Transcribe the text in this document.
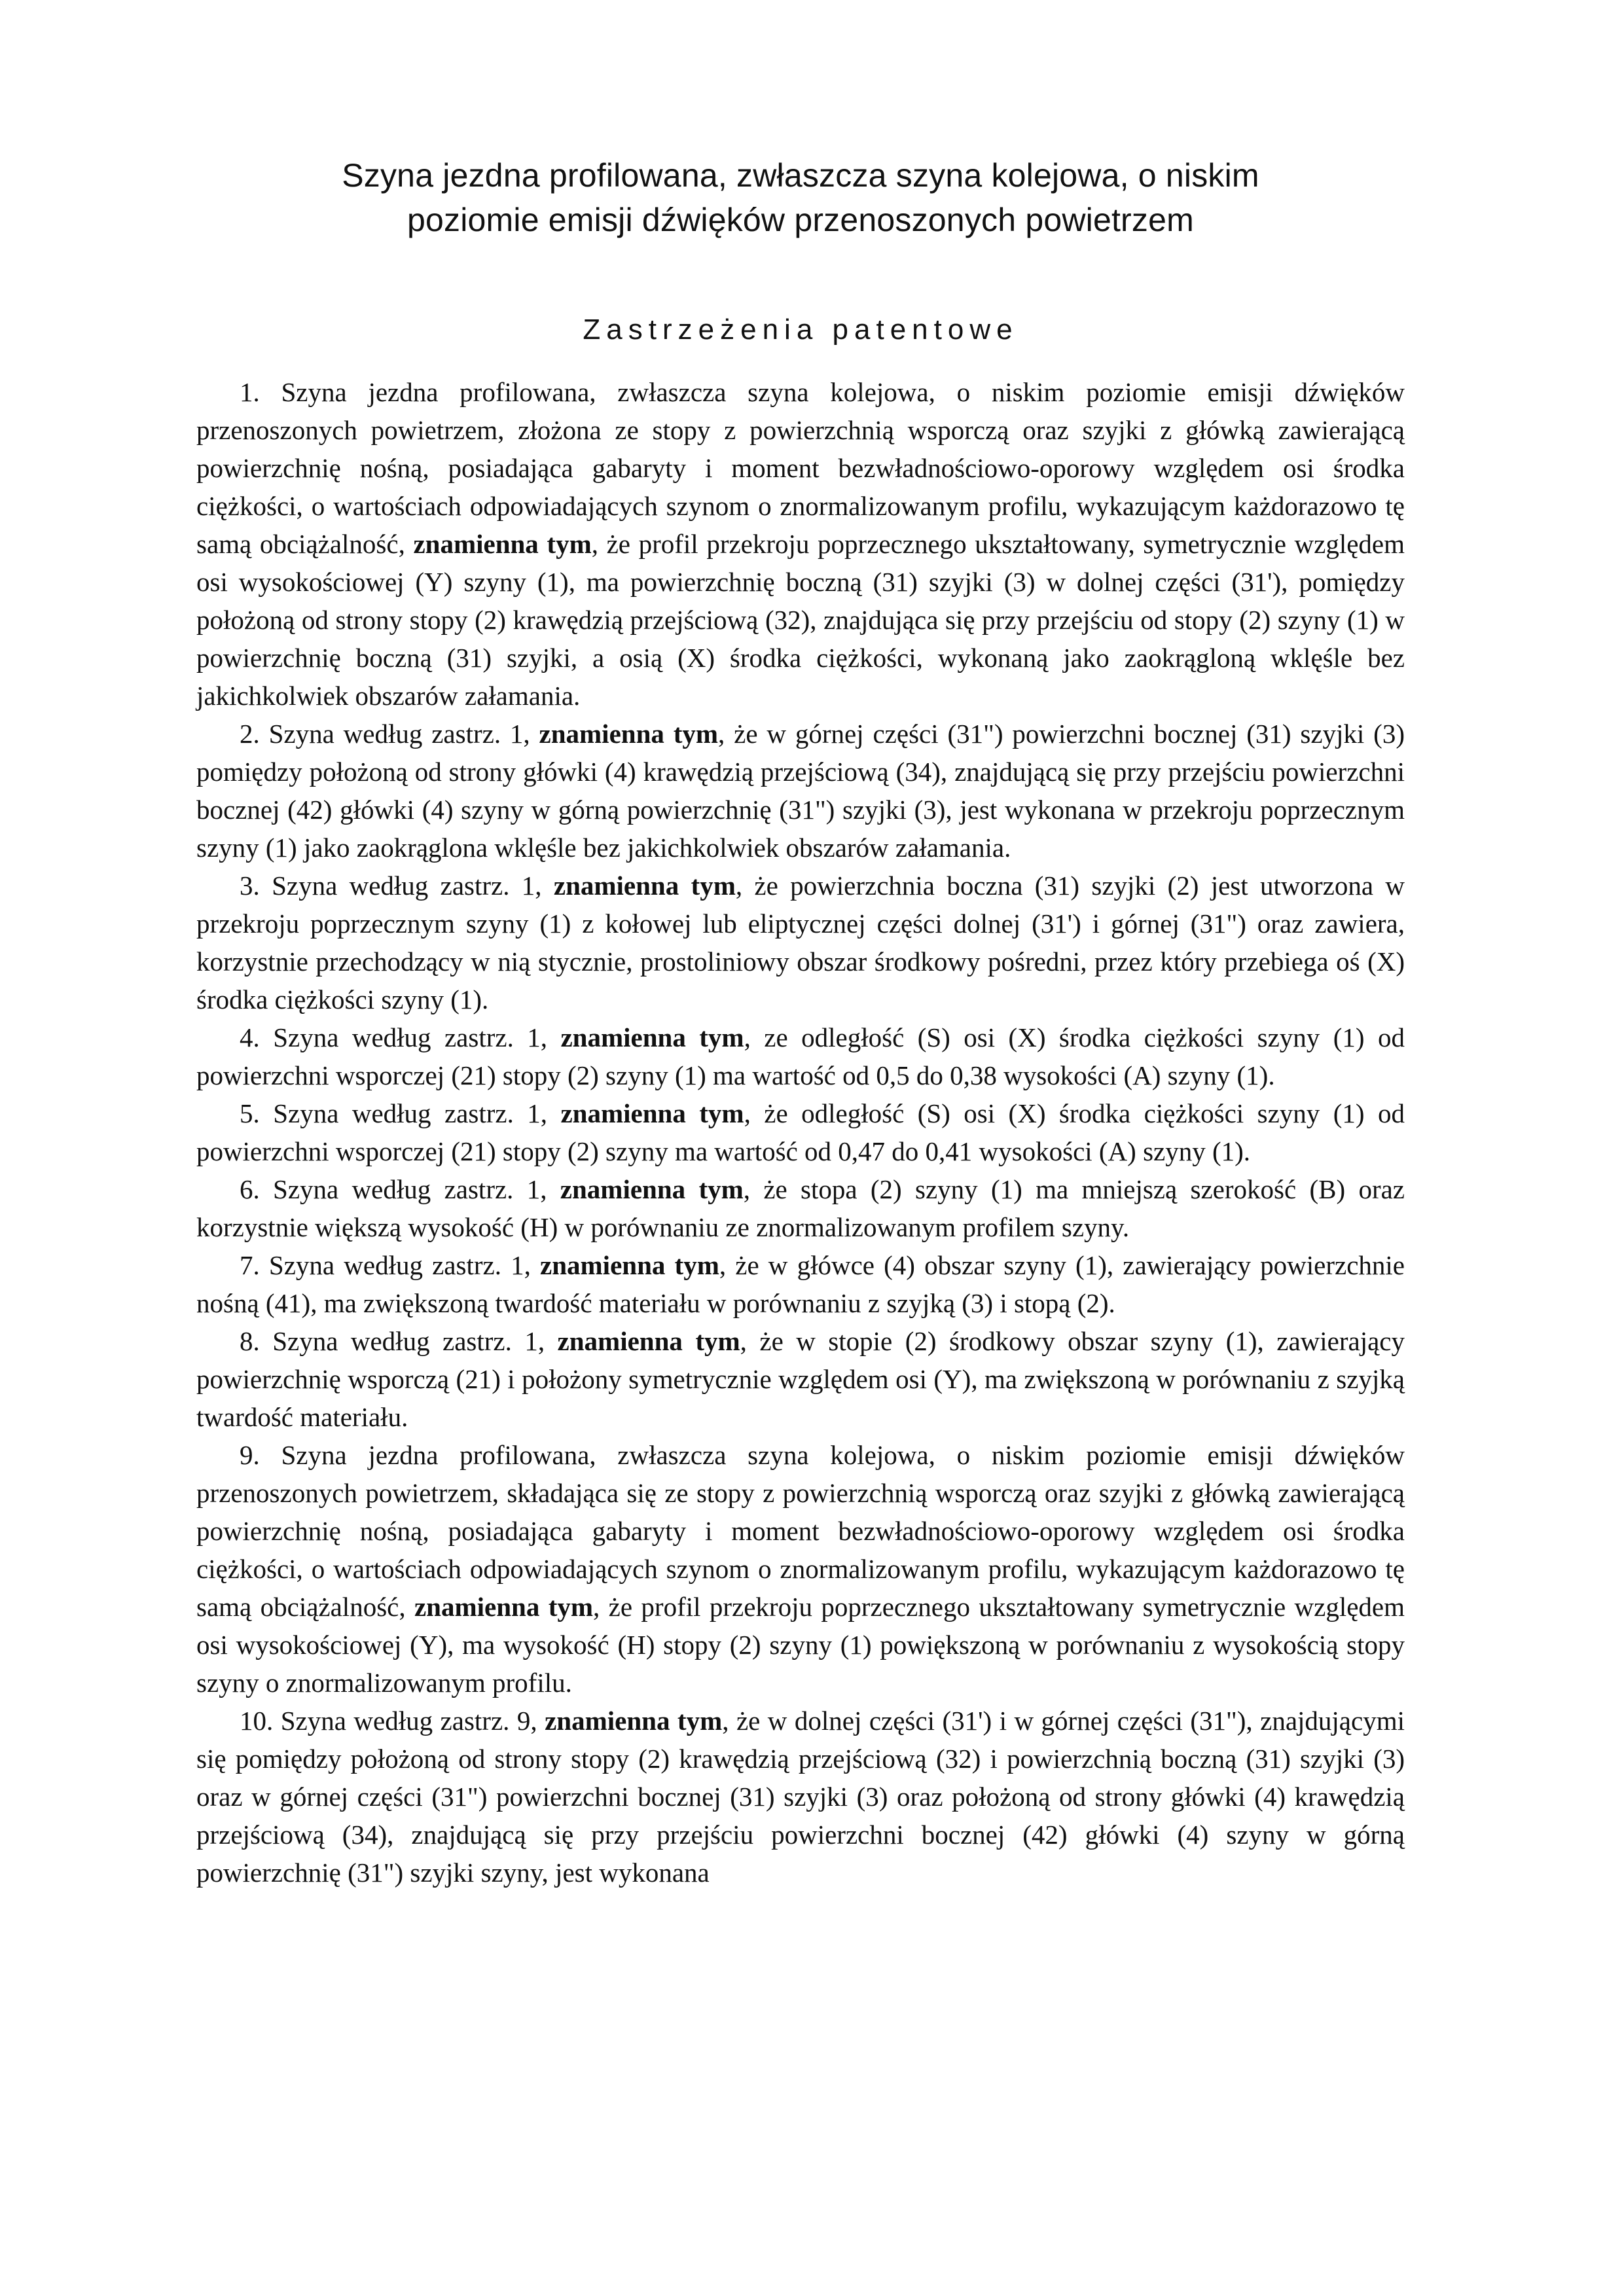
Szyna jezdna profilowana, zwłaszcza szyna kolejowa, o niskim
poziomie emisji dźwięków przenoszonych powietrzem
Zastrzeżenia patentowe

1. Szyna jezdna profilowana, zwłaszcza szyna kolejowa, o niskim poziomie emisji dźwięków przenoszonych powietrzem, złożona ze stopy z powierzchnią wsporczą oraz szyjki z główką zawierającą powierzchnię nośną, posiadająca gabaryty i moment bezwładnościowo-oporowy względem osi środka ciężkości, o wartościach odpowiadających szynom o znormalizowanym profilu, wykazującym każdorazowo tę samą obciążalność, znamienna tym, że profil przekroju poprzecznego ukształtowany, symetrycznie względem osi wysokościowej (Y) szyny (1), ma powierzchnię boczną (31) szyjki (3) w dolnej części (31'), pomiędzy położoną od strony stopy (2) krawędzią przejściową (32), znajdująca się przy przejściu od stopy (2) szyny (1) w powierzchnię boczną (31) szyjki, a osią (X) środka ciężkości, wykonaną jako zaokrągloną wklęśle bez jakichkolwiek obszarów załamania.

2. Szyna według zastrz. 1, znamienna tym, że w górnej części (31") powierzchni bocznej (31) szyjki (3) pomiędzy położoną od strony główki (4) krawędzią przejściową (34), znajdującą się przy przejściu powierzchni bocznej (42) główki (4) szyny w górną powierzchnię (31") szyjki (3), jest wykonana w przekroju poprzecznym szyny (1) jako zaokrąglona wklęśle bez jakichkolwiek obszarów załamania.

3. Szyna według zastrz. 1, znamienna tym, że powierzchnia boczna (31) szyjki (2) jest utworzona w przekroju poprzecznym szyny (1) z kołowej lub eliptycznej części dolnej (31') i górnej (31") oraz zawiera, korzystnie przechodzący w nią stycznie, prostoliniowy obszar środkowy pośredni, przez który przebiega oś (X) środka ciężkości szyny (1).

4. Szyna według zastrz. 1, znamienna tym, ze odległość (S) osi (X) środka ciężkości szyny (1) od powierzchni wsporczej (21) stopy (2) szyny (1) ma wartość od 0,5 do 0,38 wysokości (A) szyny (1).

5. Szyna według zastrz. 1, znamienna tym, że odległość (S) osi (X) środka ciężkości szyny (1) od powierzchni wsporczej (21) stopy (2) szyny ma wartość od 0,47 do 0,41 wysokości (A) szyny (1).

6. Szyna według zastrz. 1, znamienna tym, że stopa (2) szyny (1) ma mniejszą szerokość (B) oraz korzystnie większą wysokość (H) w porównaniu ze znormalizowanym profilem szyny.

7. Szyna według zastrz. 1, znamienna tym, że w główce (4) obszar szyny (1), zawierający powierzchnie nośną (41), ma zwiększoną twardość materiału w porównaniu z szyjką (3) i stopą (2).

8. Szyna według zastrz. 1, znamienna tym, że w stopie (2) środkowy obszar szyny (1), zawierający powierzchnię wsporczą (21) i położony symetrycznie względem osi (Y), ma zwiększoną w porównaniu z szyjką twardość materiału.

9. Szyna jezdna profilowana, zwłaszcza szyna kolejowa, o niskim poziomie emisji dźwięków przenoszonych powietrzem, składająca się ze stopy z powierzchnią wsporczą oraz szyjki z główką zawierającą powierzchnię nośną, posiadająca gabaryty i moment bezwładnościowo-oporowy względem osi środka ciężkości, o wartościach odpowiadających szynom o znormalizowanym profilu, wykazującym każdorazowo tę samą obciążalność, znamienna tym, że profil przekroju poprzecznego ukształtowany symetrycznie względem osi wysokościowej (Y), ma wysokość (H) stopy (2) szyny (1) powiększoną w porównaniu z wysokością stopy szyny o znormalizowanym profilu.

10. Szyna według zastrz. 9, znamienna tym, że w dolnej części (31') i w górnej części (31"), znajdującymi się pomiędzy położoną od strony stopy (2) krawędzią przejściową (32) i powierzchnią boczną (31) szyjki (3) oraz w górnej części (31") powierzchni bocznej (31) szyjki (3) oraz położoną od strony główki (4) krawędzią przejściową (34), znajdującą się przy przejściu powierzchni bocznej (42) główki (4) szyny w górną powierzchnię (31") szyjki szyny, jest wykonana
